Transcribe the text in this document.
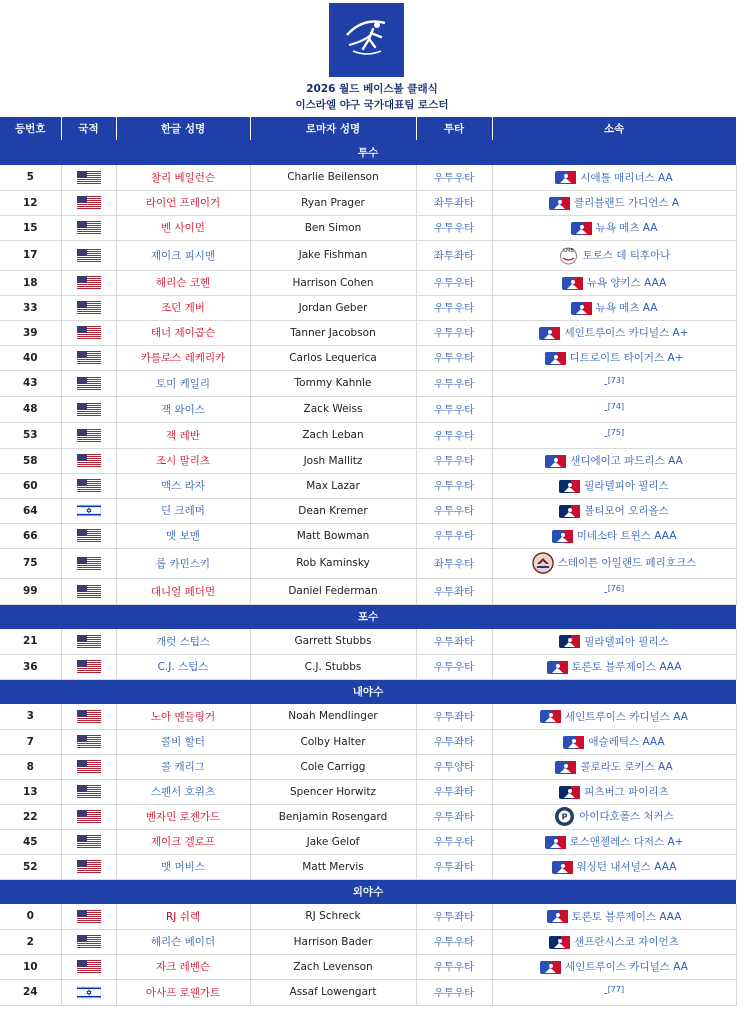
2026 월드 베이스볼 클래식
이스라엘 야구 국가대표팀 로스터
등번호	국적	한글 성명	로마자 성명	투타	소속
투수					
5		찰리 베일런슨	Charlie Beilenson	우투우타	시애틀 매리너스 AA
12		라이언 프레이거	Ryan Prager	좌투좌타	클리블랜드 가디언스 A
15		벤 사이먼	Ben Simon	우투우타	뉴욕 메츠 AA
17		제이크 피시맨	Jake Fishman	좌투좌타	LMB 토로스 데 티후아나
18		해리슨 코헨	Harrison Cohen	우투우타	뉴욕 양키스 AAA
33		조던 게버	Jordan Geber	우투우타	뉴욕 메츠 AA
39		태너 제이콥슨	Tanner Jacobson	우투우타	세인트루이스 카디널스 A+
40		카를로스 레케리카	Carlos Lequerica	우투우타	디트로이트 타이거스 A+
43		토미 케일리	Tommy Kahnle	우투우타	-[73]
48		잭 와이스	Zack Weiss	우투우타	-[74]
53		잭 레반	Zach Leban	우투우타	-[75]
58		조시 말리츠	Josh Mallitz	우투우타	샌디에이고 파드리스 AA
60		맥스 라자	Max Lazar	우투우타	필라델피아 필리스
64		딘 크레머	Dean Kremer	우투우타	볼티모어 오리올스
66		맷 보맨	Matt Bowman	우투우타	미네소타 트윈스 AAA
75		롭 카민스키	Rob Kaminsky	좌투우타	스테이튼 아일랜드 페리호크스
99		대니얼 페더먼	Daniel Federman	우투좌타	-[76]
포수					
21		개럿 스텁스	Garrett Stubbs	우투좌타	필라델피아 필리스
36		C.J. 스텁스	C.J. Stubbs	우투우타	토론토 블루제이스 AAA
내야수					
3		노아 멘들링거	Noah Mendlinger	우투좌타	세인트루이스 카디널스 AA
7		콜비 할터	Colby Halter	우투좌타	애슬레틱스 AAA
8		콜 캐리그	Cole Carrigg	우투양타	콜로라도 로키스 AA
13		스펜서 호위츠	Spencer Horwitz	우투좌타	피츠버그 파이리츠
22		벤자민 로젠가드	Benjamin Rosengard	우투좌타	P 아이다호폴스 처커스
45		제이크 겔로프	Jake Gelof	우투우타	로스앤젤레스 다저스 A+
52		맷 머비스	Matt Mervis	우투좌타	워싱턴 내셔널스 AAA
외야수					
0		RJ 쉬렉	RJ Schreck	우투좌타	토론토 블루제이스 AAA
2		해리슨 베이더	Harrison Bader	우투우타	샌프란시스코 자이언츠
10		자크 레벤슨	Zach Levenson	우투우타	세인트루이스 카디널스 AA
24		아사프 로웬가트	Assaf Lowengart	우투우타	-[77]
